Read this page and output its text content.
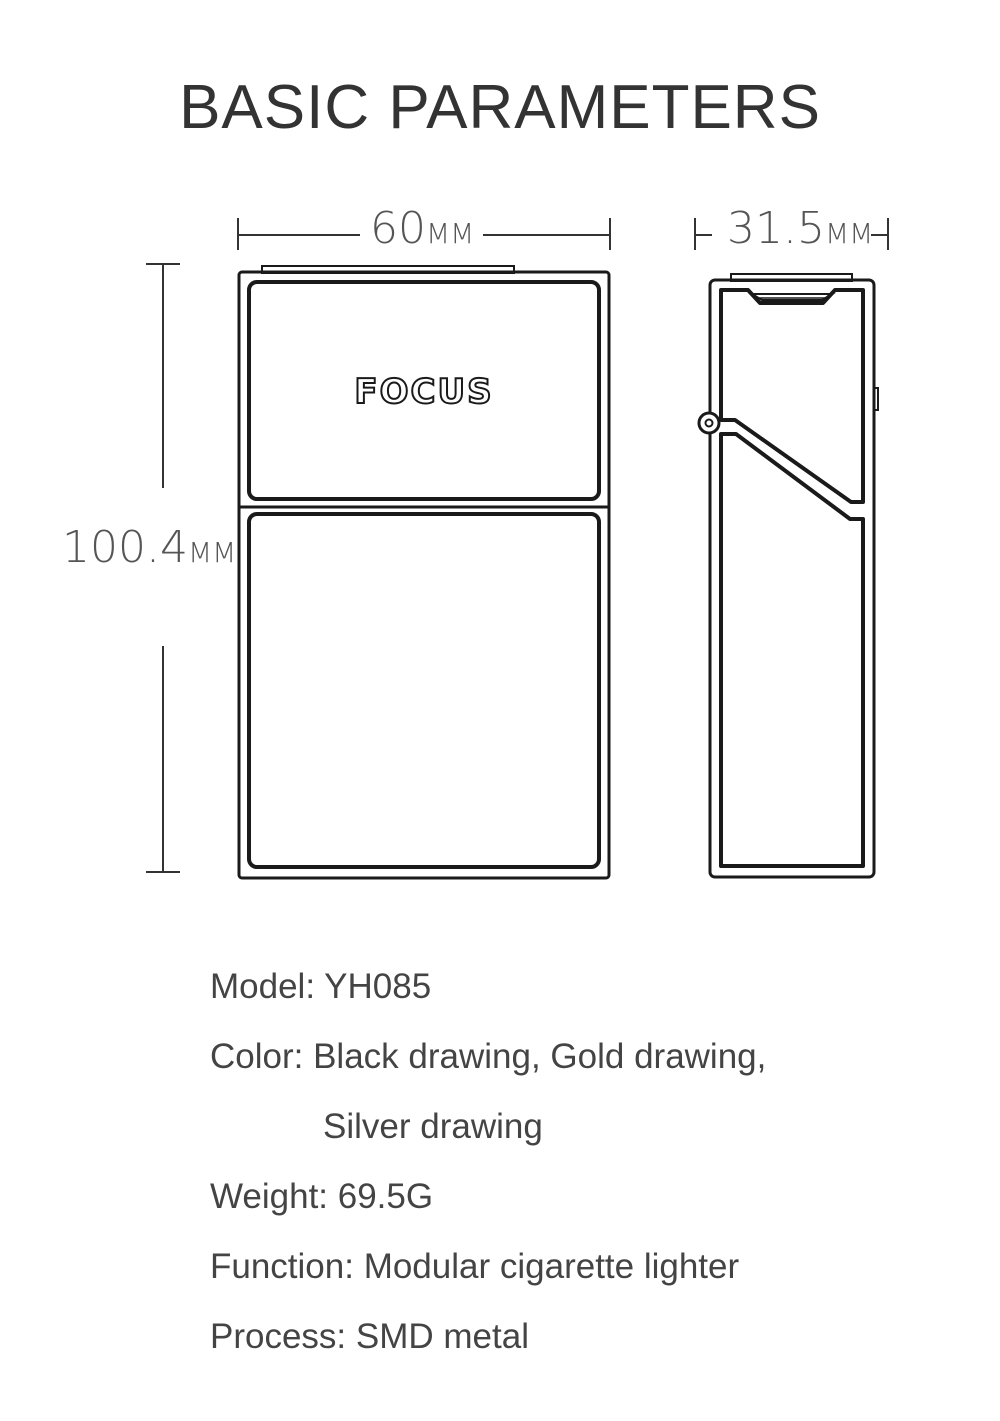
BASIC PARAMETERS
FOCUS
60MM	31.5MM
100.4MM
Model: YH085
Color: Black drawing, Gold drawing,
Silver drawing
Weight: 69.5G
Function: Modular cigarette lighter
Process: SMD metal
